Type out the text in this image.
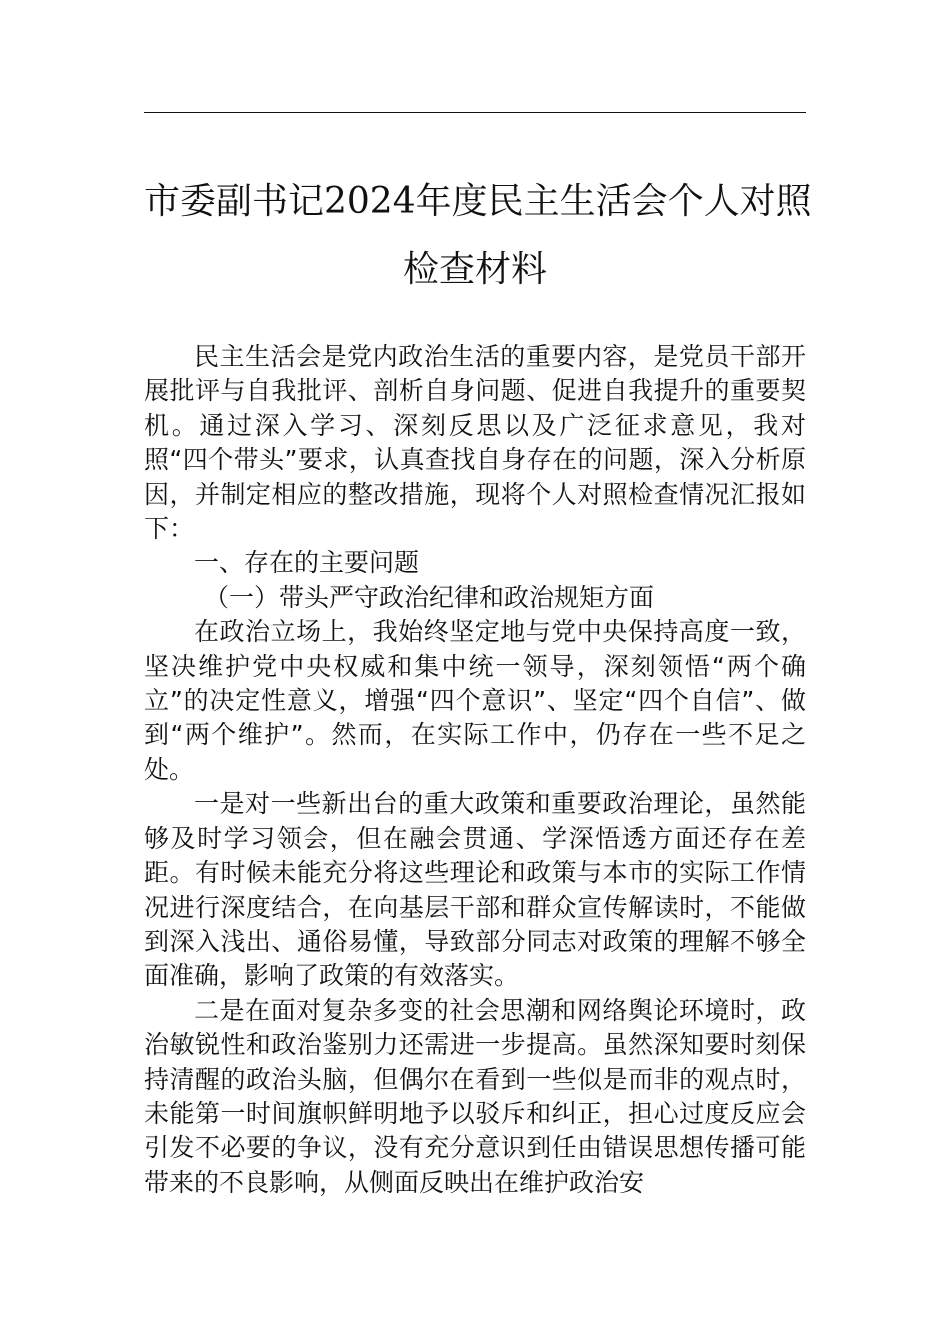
市委副书记2024年度民主生活会个人对照
检查材料

民主生活会是党内政治生活的重要内容，是党员干部开展批评与自我批评、剖析自身问题、促进自我提升的重要契机。通过深入学习、深刻反思以及广泛征求意见，我对照“四个带头”要求，认真查找自身存在的问题，深入分析原因，并制定相应的整改措施，现将个人对照检查情况汇报如下：

一、存在的主要问题

（一）带头严守政治纪律和政治规矩方面

在政治立场上，我始终坚定地与党中央保持高度一致，坚决维护党中央权威和集中统一领导，深刻领悟“两个确立”的决定性意义，增强“四个意识”、坚定“四个自信”、做到“两个维护”。然而，在实际工作中，仍存在一些不足之处。

一是对一些新出台的重大政策和重要政治理论，虽然能够及时学习领会，但在融会贯通、学深悟透方面还存在差距。有时候未能充分将这些理论和政策与本市的实际工作情况进行深度结合，在向基层干部和群众宣传解读时，不能做到深入浅出、通俗易懂，导致部分同志对政策的理解不够全面准确，影响了政策的有效落实。

二是在面对复杂多变的社会思潮和网络舆论环境时，政治敏锐性和政治鉴别力还需进一步提高。虽然深知要时刻保持清醒的政治头脑，但偶尔在看到一些似是而非的观点时，未能第一时间旗帜鲜明地予以驳斥和纠正，担心过度反应会引发不必要的争议，没有充分意识到任由错误思想传播可能带来的不良影响，从侧面反映出在维护政治安
